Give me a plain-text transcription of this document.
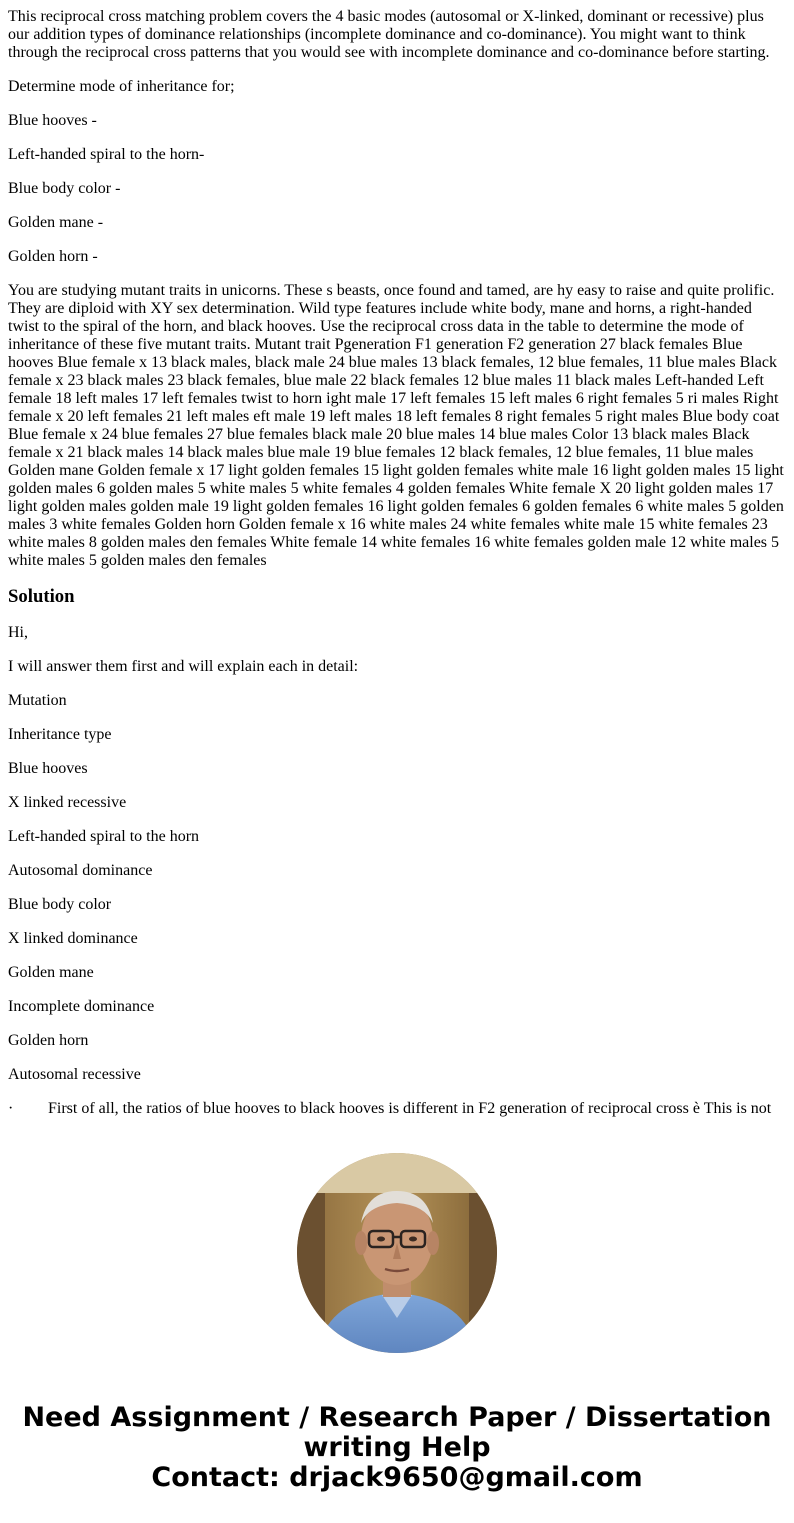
This reciprocal cross matching problem covers the 4 basic modes (autosomal or X-linked, dominant or recessive) plus our addition types of dominance relationships (incomplete dominance and co-dominance). You might want to think through the reciprocal cross patterns that you would see with incomplete dominance and co-dominance before starting.

Determine mode of inheritance for;

Blue hooves -

Left-handed spiral to the horn-

Blue body color -

Golden mane -

Golden horn -

You are studying mutant traits in unicorns. These s beasts, once found and tamed, are hy easy to raise and quite prolific. They are diploid with XY sex determination. Wild type features include white body, mane and horns, a right-handed twist to the spiral of the horn, and black hooves. Use the reciprocal cross data in the table to determine the mode of inheritance of these five mutant traits. Mutant trait Pgeneration F1 generation F2 generation 27 black females Blue hooves Blue female x 13 black males, black male 24 blue males 13 black females, 12 blue females, 11 blue males Black female x 23 black males 23 black females, blue male 22 black females 12 blue males 11 black males Left-handed Left female 18 left males 17 left females twist to horn ight male 17 left females 15 left males 6 right females 5 ri males Right female x 20 left females 21 left males eft male 19 left males 18 left females 8 right females 5 right males Blue body coat Blue female x 24 blue females 27 blue females black male 20 blue males 14 blue males Color 13 black males Black female x 21 black males 14 black males blue male 19 blue females 12 black females, 12 blue females, 11 blue males Golden mane Golden female x 17 light golden females 15 light golden females white male 16 light golden males 15 light golden males 6 golden males 5 white males 5 white females 4 golden females White female X 20 light golden males 17 light golden males golden male 19 light golden females 16 light golden females 6 golden females 6 white males 5 golden males 3 white females Golden horn Golden female x 16 white males 24 white females white male 15 white females 23 white males 8 golden males den females White female 14 white females 16 white females golden male 12 white males 5 white males 5 golden males den females

Solution

Hi,

I will answer them first and will explain each in detail:

Mutation

Inheritance type

Blue hooves

X linked recessive

Left-handed spiral to the horn

Autosomal dominance

Blue body color

X linked dominance

Golden mane

Incomplete dominance

Golden horn

Autosomal recessive

·	First of all, the ratios of blue hooves to black hooves is different in F2 generation of reciprocal cross è This is not
Need Assignment / Research Paper / Dissertation
writing Help
Contact: drjack9650@gmail.com
